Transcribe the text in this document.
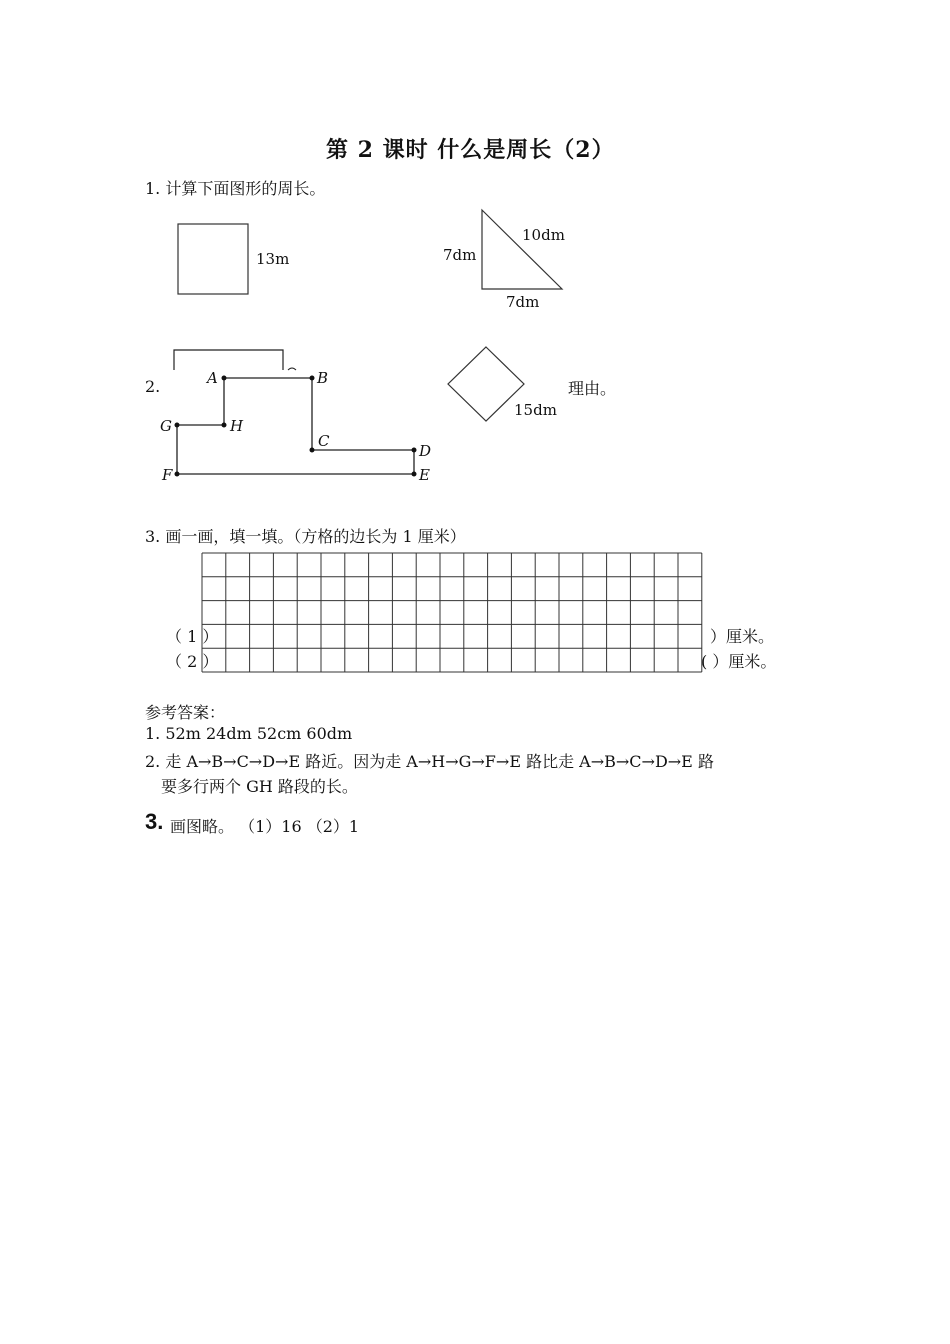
第 2 课时 什么是周长（2）
1. 计算下面图形的周长。
13m
10dm
7dm
7dm
2.	A	B
C
D
E
F
G	H
15dm
理由。
3. 画一画，填一填。（方格的边长为 1 厘米）
（ 1 ）	）厘米。
（ 2 ）	( ）厘米。
参考答案：
1. 52m 24dm 52cm 60dm
2. 走 A→B→C→D→E 路近。因为走 A→H→G→F→E 路比走 A→B→C→D→E 路
要多行两个 GH 路段的长。
3. 画图略。 （1）16 （2）1
